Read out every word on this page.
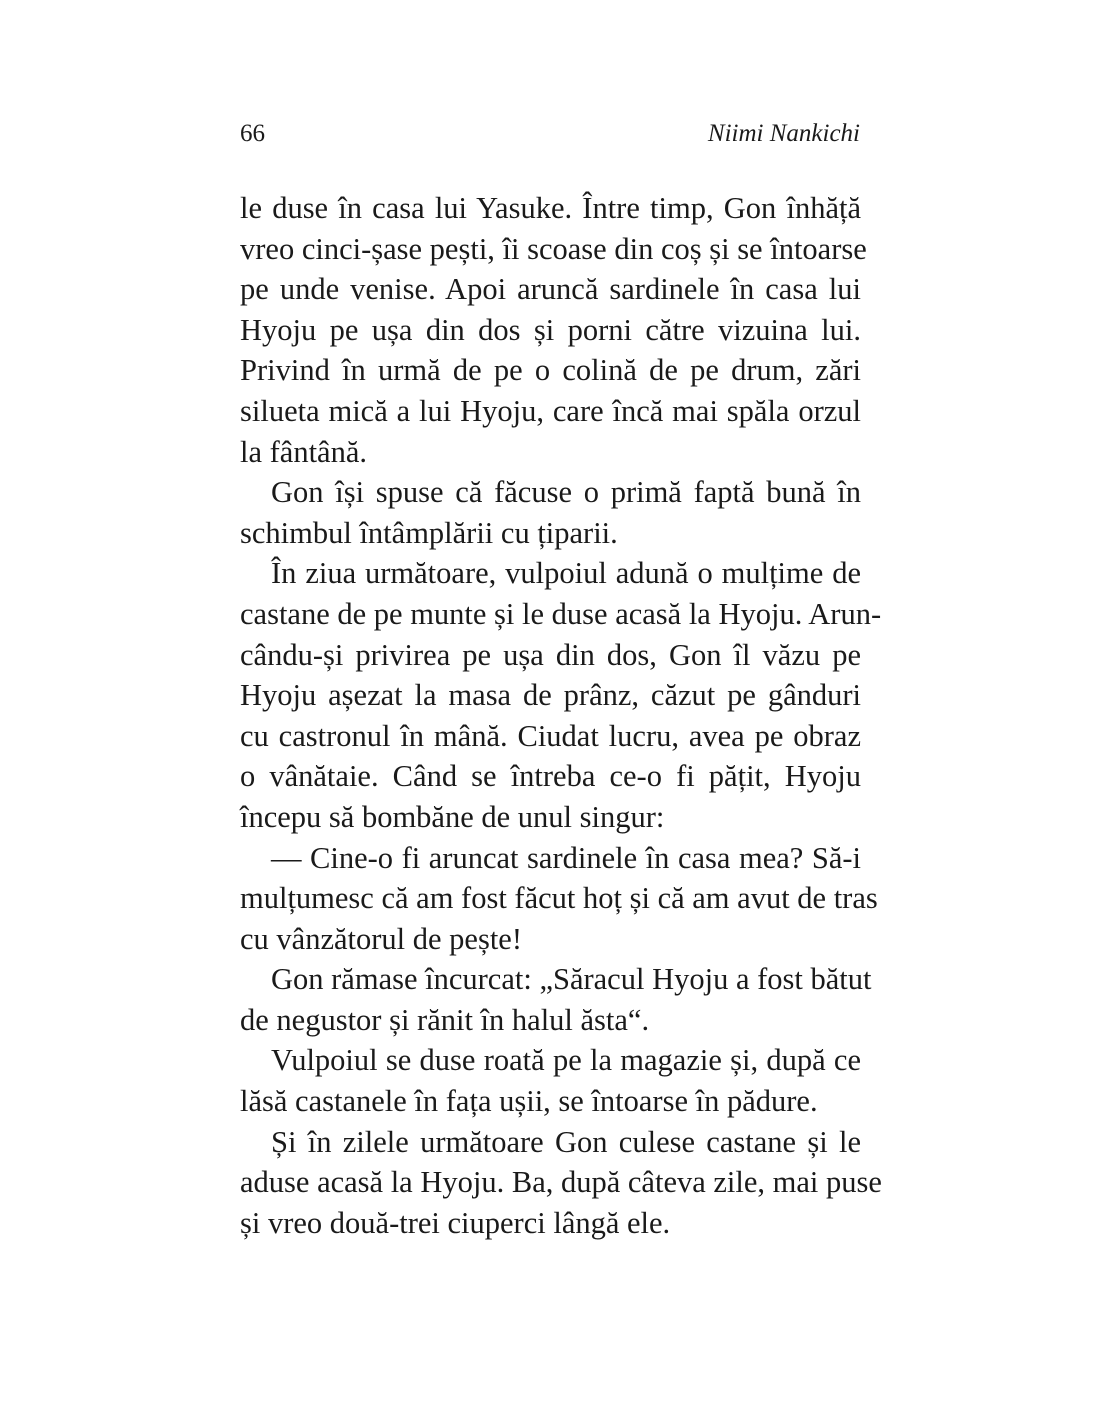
66	Niimi Nankichi
le duse în casa lui Yasuke. Între timp, Gon înhăță
vreo cinci-șase pești, îi scoase din coș și se întoarse
pe unde venise. Apoi aruncă sardinele în casa lui
Hyoju pe ușa din dos și porni către vizuina lui.
Privind în urmă de pe o colină de pe drum, zări
silueta mică a lui Hyoju, care încă mai spăla orzul
la fântână.
Gon își spuse că făcuse o primă faptă bună în
schimbul întâmplării cu țiparii.
În ziua următoare, vulpoiul adună o mulțime de
castane de pe munte și le duse acasă la Hyoju. Arun-
cându-și privirea pe ușa din dos, Gon îl văzu pe
Hyoju așezat la masa de prânz, căzut pe gânduri
cu castronul în mână. Ciudat lucru, avea pe obraz
o vânătaie. Când se întreba ce-o fi pățit, Hyoju
începu să bombăne de unul singur:
— Cine-o fi aruncat sardinele în casa mea? Să-i
mulțumesc că am fost făcut hoț și că am avut de tras
cu vânzătorul de pește!
Gon rămase încurcat: „Săracul Hyoju a fost bătut
de negustor și rănit în halul ăsta“.
Vulpoiul se duse roată pe la magazie și, după ce
lăsă castanele în fața ușii, se întoarse în pădure.
Și în zilele următoare Gon culese castane și le
aduse acasă la Hyoju. Ba, după câteva zile, mai puse
și vreo două-trei ciuperci lângă ele.
